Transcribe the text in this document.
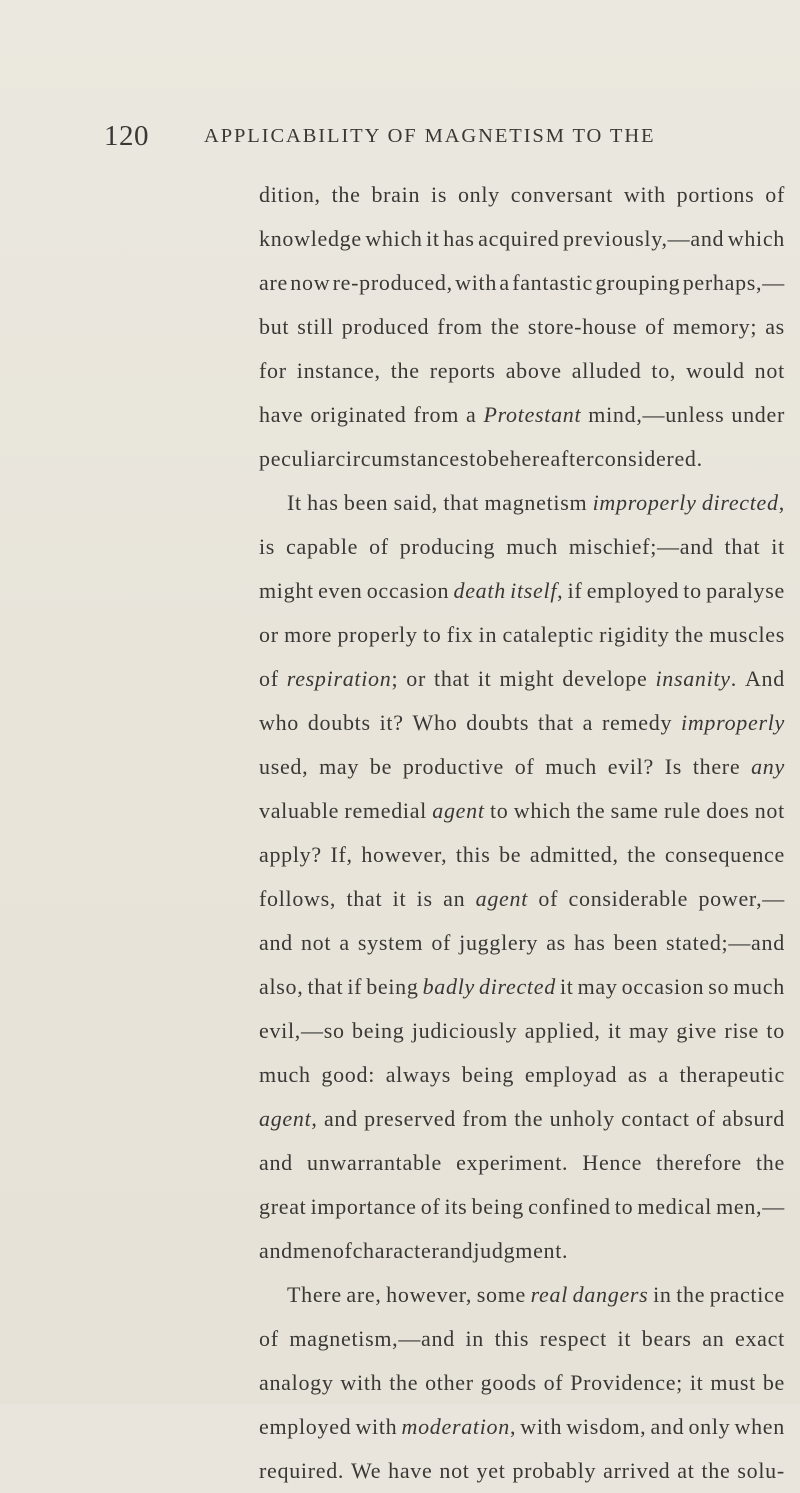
120	APPLICABILITY OF MAGNETISM TO THE
dition, the brain is only conversant with portions of
knowledge which it has acquired previously,—and which
are now re-produced, with a fantastic grouping perhaps,—
but still produced from the store-house of memory; as
for instance, the reports above alluded to, would not
have originated from a Protestant mind,—unless under
peculiar circumstances to be hereafter considered.
It has been said, that magnetism improperly directed,
is capable of producing much mischief;—and that it
might even occasion death itself, if employed to paralyse
or more properly to fix in cataleptic rigidity the muscles
of respiration; or that it might develope insanity. And
who doubts it? Who doubts that a remedy improperly
used, may be productive of much evil? Is there any
valuable remedial agent to which the same rule does not
apply? If, however, this be admitted, the consequence
follows, that it is an agent of considerable power,—
and not a system of jugglery as has been stated;—and
also, that if being badly directed it may occasion so much
evil,—so being judiciously applied, it may give rise to
much good: always being employad as a therapeutic
agent, and preserved from the unholy contact of absurd
and unwarrantable experiment. Hence therefore the
great importance of its being confined to medical men,—
and men of character and judgment.
There are, however, some real dangers in the practice
of magnetism,—and in this respect it bears an exact
analogy with the other goods of Providence; it must be
employed with moderation, with wisdom, and only when
required. We have not yet probably arrived at the solu-
